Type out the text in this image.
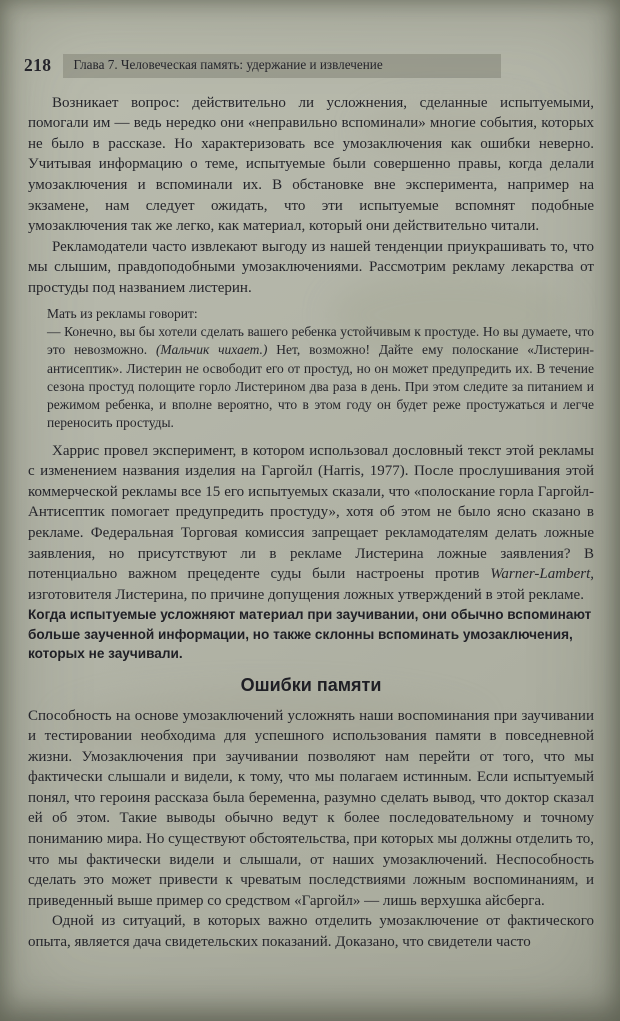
218	Глава 7. Человеческая память: удержание и извлечение

Возникает вопрос: действительно ли усложнения, сделанные испытуемыми, помогали им — ведь нередко они «неправильно вспоминали» многие события, которых не было в рассказе. Но характеризовать все умозаключения как ошибки неверно. Учитывая информацию о теме, испытуемые были совершенно правы, когда делали умозаключения и вспоминали их. В обстановке вне эксперимента, например на экзамене, нам следует ожидать, что эти испытуемые вспомнят подобные умозаключения так же легко, как материал, который они действительно читали.

Рекламодатели часто извлекают выгоду из нашей тенденции приукрашивать то, что мы слышим, правдоподобными умозаключениями. Рассмотрим рекламу лекарства от простуды под названием листерин.

Мать из рекламы говорит:

— Конечно, вы бы хотели сделать вашего ребенка устойчивым к простуде. Но вы думаете, что это невозможно. (Мальчик чихает.) Нет, возможно! Дайте ему полоскание «Листерин-антисептик». Листерин не освободит его от простуд, но он может предупредить их. В течение сезона простуд полощите горло Листерином два раза в день. При этом следите за питанием и режимом ребенка, и вполне вероятно, что в этом году он будет реже простужаться и легче переносить простуды.

Харрис провел эксперимент, в котором использовал дословный текст этой рекламы с изменением названия изделия на Гаргойл (Harris, 1977). После прослушивания этой коммерческой рекламы все 15 его испытуемых сказали, что «полоскание горла Гаргойл-Антисептик помогает предупредить простуду», хотя об этом не было ясно сказано в рекламе. Федеральная Торговая комиссия запрещает рекламодателям делать ложные заявления, но присутствуют ли в рекламе Листерина ложные заявления? В потенциально важном прецеденте суды были настроены против Warner-Lambert, изготовителя Листерина, по причине допущения ложных утверждений в этой рекламе.

Когда испытуемые усложняют материал при заучивании, они обычно вспоминают больше заученной информации, но также склонны вспоминать умозаключения, которых не заучивали.

Ошибки памяти

Способность на основе умозаключений усложнять наши воспоминания при заучивании и тестировании необходима для успешного использования памяти в повседневной жизни. Умозаключения при заучивании позволяют нам перейти от того, что мы фактически слышали и видели, к тому, что мы полагаем истинным. Если испытуемый понял, что героиня рассказа была беременна, разумно сделать вывод, что доктор сказал ей об этом. Такие выводы обычно ведут к более последовательному и точному пониманию мира. Но существуют обстоятельства, при которых мы должны отделить то, что мы фактически видели и слышали, от наших умозаключений. Неспособность сделать это может привести к чреватым последствиями ложным воспоминаниям, и приведенный выше пример со средством «Гаргойл» — лишь верхушка айсберга.

Одной из ситуаций, в которых важно отделить умозаключение от фактического опыта, является дача свидетельских показаний. Доказано, что свидетели часто
